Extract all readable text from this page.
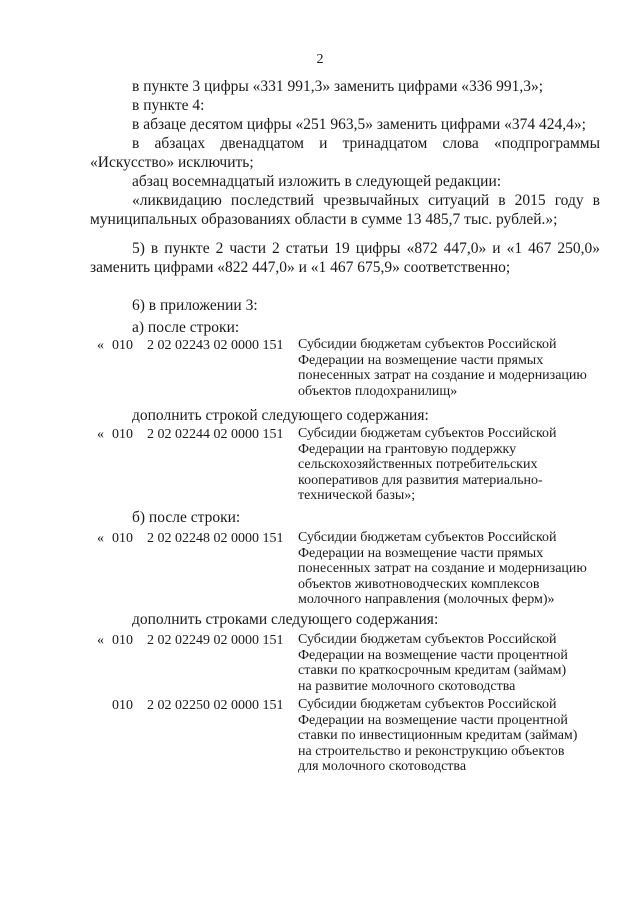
2
в пункте 3 цифры «331 991,3» заменить цифрами «336 991,3»;
в пункте 4:
в абзаце десятом цифры «251 963,5» заменить цифрами «374 424,4»;
в абзацах двенадцатом и тринадцатом слова «подпрограммы
«Искусство» исключить;
абзац восемнадцатый изложить в следующей редакции:
«ликвидацию последствий чрезвычайных ситуаций в 2015 году в
муниципальных образованиях области в сумме 13 485,7 тыс. рублей.»;
5) в пункте 2 части 2 статьи 19 цифры «872 447,0» и «1 467 250,0»
заменить цифрами «822 447,0» и «1 467 675,9» соответственно;
6) в приложении 3:
а) после строки:
« 010 2 02 02243 02 0000 151 Субсидии бюджетам субъектов Российской
Федерации на возмещение части прямых
понесенных затрат на создание и модернизацию
объектов плодохранилищ»
дополнить строкой следующего содержания:
« 010 2 02 02244 02 0000 151 Субсидии бюджетам субъектов Российской
Федерации на грантовую поддержку
сельскохозяйственных потребительских
кооперативов для развития материально-
технической базы»;
б) после строки:
« 010 2 02 02248 02 0000 151 Субсидии бюджетам субъектов Российской
Федерации на возмещение части прямых
понесенных затрат на создание и модернизацию
объектов животноводческих комплексов
молочного направления (молочных ферм)»
дополнить строками следующего содержания:
« 010 2 02 02249 02 0000 151 Субсидии бюджетам субъектов Российской
Федерации на возмещение части процентной
ставки по краткосрочным кредитам (займам)
на развитие молочного скотоводства
010 2 02 02250 02 0000 151 Субсидии бюджетам субъектов Российской
Федерации на возмещение части процентной
ставки по инвестиционным кредитам (займам)
на строительство и реконструкцию объектов
для молочного скотоводства
